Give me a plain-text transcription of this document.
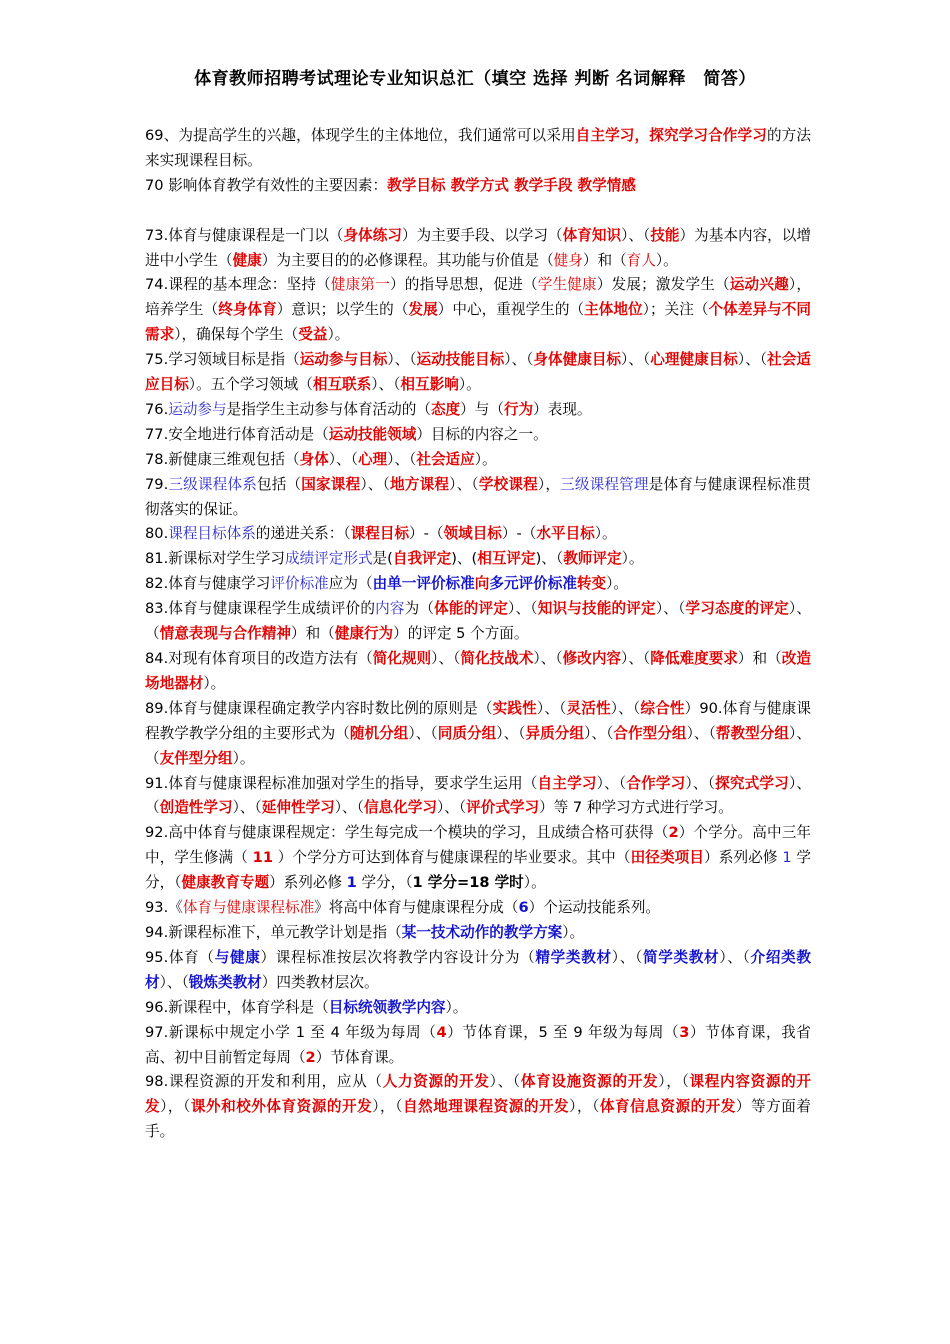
体育教师招聘考试理论专业知识总汇（填空 选择 判断 名词解释　简答）

69、为提高学生的兴趣，体现学生的主体地位，我们通常可以采用自主学习，探究学习合作学习的方法来实现课程目标。

70 影响体育教学有效性的主要因素：教学目标 教学方式 教学手段 教学情感

73.体育与健康课程是一门以（身体练习）为主要手段、以学习（体育知识）、（技能）为基本内容，以增进中小学生（健康）为主要目的的必修课程。其功能与价值是（健身）和（育人）。

74.课程的基本理念：坚持（健康第一）的指导思想，促进（学生健康）发展；激发学生（运动兴趣），培养学生（终身体育）意识；以学生的（发展）中心，重视学生的（主体地位）；关注（个体差异与不同需求），确保每个学生（受益）。

75.学习领域目标是指（运动参与目标）、（运动技能目标）、（身体健康目标）、（心理健康目标）、（社会适应目标）。五个学习领域（相互联系）、（相互影响）。

76.运动参与是指学生主动参与体育活动的（态度）与（行为）表现。

77.安全地进行体育活动是（运动技能领域）目标的内容之一。

78.新健康三维观包括（身体）、（心理）、（社会适应）。

79.三级课程体系包括（国家课程）、（地方课程）、（学校课程），三级课程管理是体育与健康课程标准贯彻落实的保证。

80.课程目标体系的递进关系：（课程目标）-（领域目标）-（水平目标）。

81.新课标对学生学习成绩评定形式是(自我评定)、(相互评定)、（教师评定）。

82.体育与健康学习评价标准应为（由单一评价标准向多元评价标准转变）。

83.体育与健康课程学生成绩评价的内容为（体能的评定）、（知识与技能的评定）、（学习态度的评定）、（情意表现与合作精神）和（健康行为）的评定 5 个方面。

84.对现有体育项目的改造方法有（简化规则）、（简化技战术）、（修改内容）、（降低难度要求）和（改造场地器材）。

89.体育与健康课程确定教学内容时数比例的原则是（实践性）、（灵活性）、（综合性）90.体育与健康课程教学教学分组的主要形式为（随机分组）、（同质分组）、（异质分组）、（合作型分组）、（帮教型分组）、（友伴型分组）。

91.体育与健康课程标准加强对学生的指导，要求学生运用（自主学习）、（合作学习）、（探究式学习）、（创造性学习）、（延伸性学习）、（信息化学习）、（评价式学习）等 7 种学习方式进行学习。

92.高中体育与健康课程规定：学生每完成一个模块的学习，且成绩合格可获得（2）个学分。高中三年中，学生修满（ 11 ）个学分方可达到体育与健康课程的毕业要求。其中（田径类项目）系列必修 1 学分，（健康教育专题）系列必修 1 学分，（1 学分=18 学时）。

93.《体育与健康课程标准》将高中体育与健康课程分成（6）个运动技能系列。

94.新课程标准下，单元教学计划是指（某一技术动作的教学方案）。

95.体育（与健康）课程标准按层次将教学内容设计分为（精学类教材）、（简学类教材）、（介绍类教材）、（锻炼类教材）四类教材层次。

96.新课程中，体育学科是（目标统领教学内容）。

97.新课标中规定小学 1 至 4 年级为每周（4）节体育课，5 至 9 年级为每周（3）节体育课，我省高、初中目前暂定每周（2）节体育课。

98.课程资源的开发和利用，应从（人力资源的开发）、（体育设施资源的开发），（课程内容资源的开发），（课外和校外体育资源的开发），（自然地理课程资源的开发），（体育信息资源的开发）等方面着手。
